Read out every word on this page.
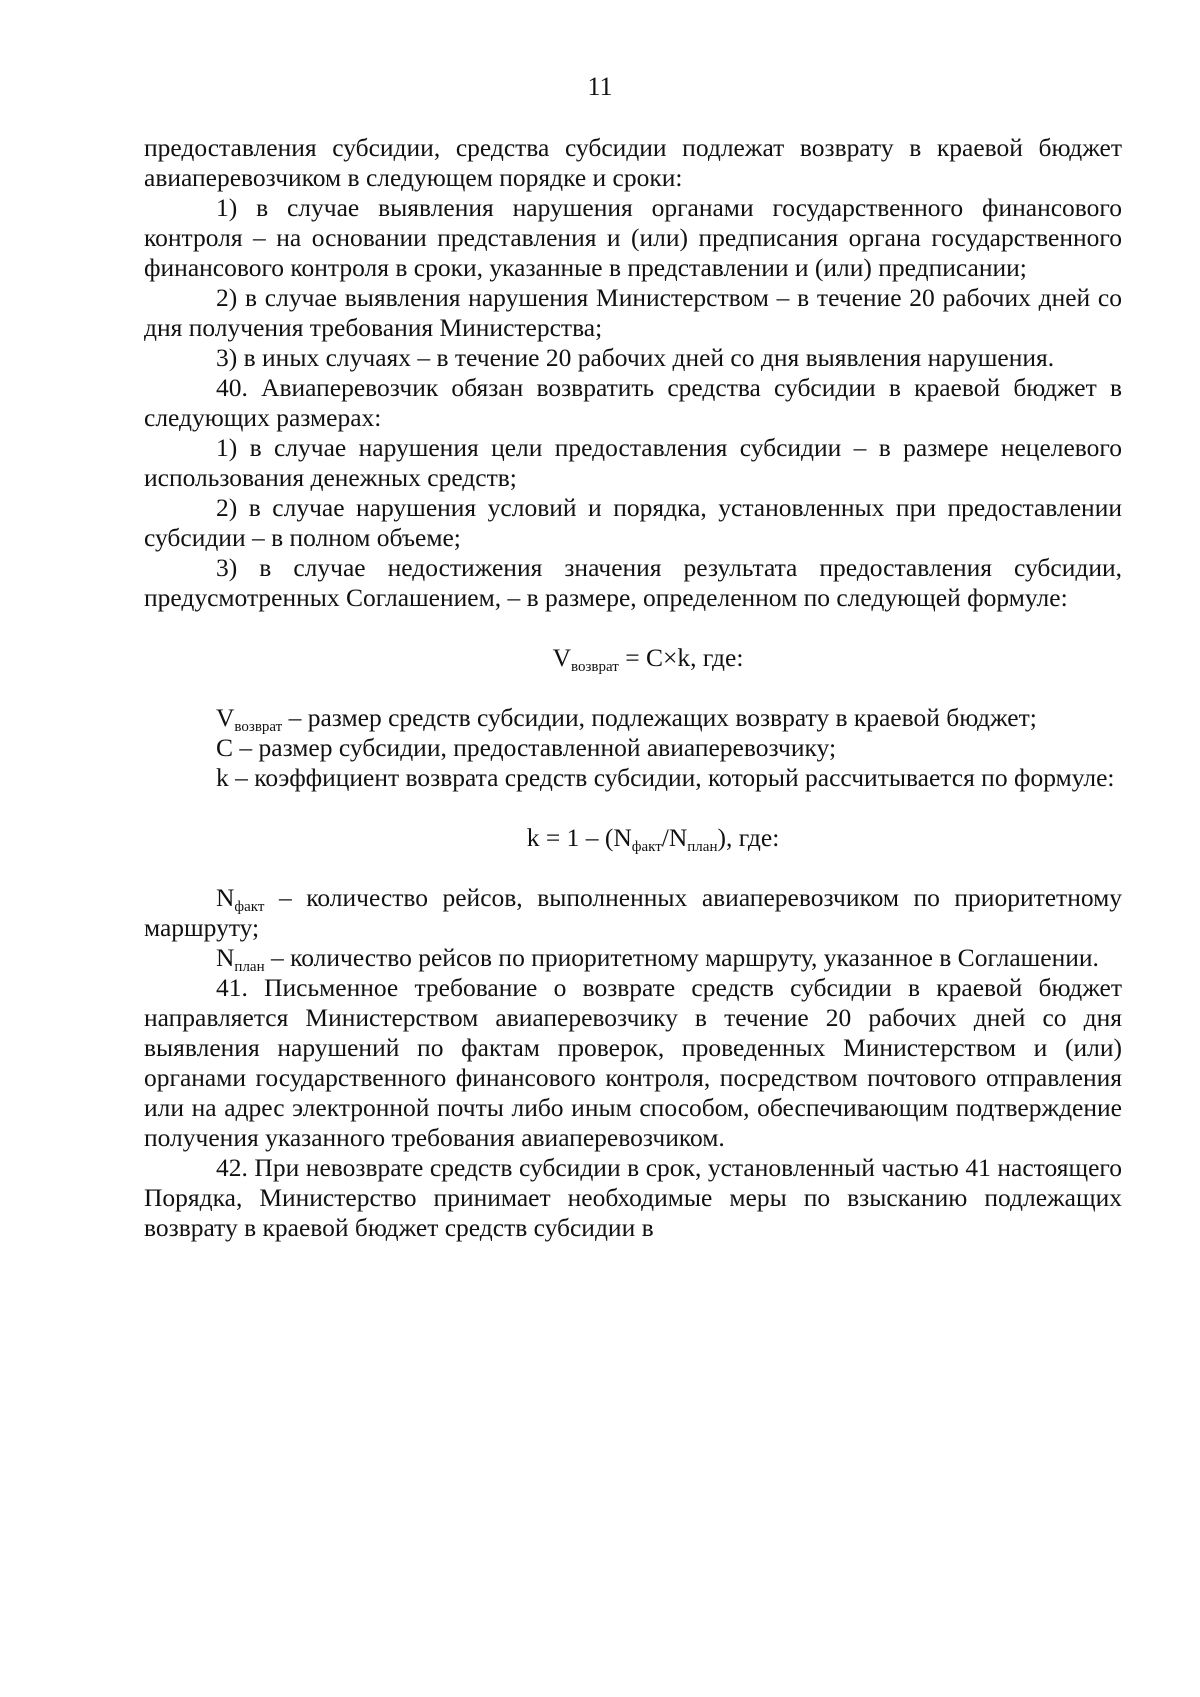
11

предоставления субсидии, средства субсидии подлежат возврату в краевой бюджет авиаперевозчиком в следующем порядке и сроки:

1) в случае выявления нарушения органами государственного финансового контроля – на основании представления и (или) предписания органа государственного финансового контроля в сроки, указанные в представлении и (или) предписании;

2) в случае выявления нарушения Министерством – в течение 20 рабочих дней со дня получения требования Министерства;

3) в иных случаях – в течение 20 рабочих дней со дня выявления нарушения.

40. Авиаперевозчик обязан возвратить средства субсидии в краевой бюджет в следующих размерах:

1) в случае нарушения цели предоставления субсидии – в размере нецелевого использования денежных средств;

2) в случае нарушения условий и порядка, установленных при предоставлении субсидии – в полном объеме;

3) в случае недостижения значения результата предоставления субсидии, предусмотренных Соглашением, – в размере, определенном по следующей формуле:

Vвозврат = C×k, где:

Vвозврат – размер средств субсидии, подлежащих возврату в краевой бюджет;

C – размер субсидии, предоставленной авиаперевозчику;

k – коэффициент возврата средств субсидии, который рассчитывается по формуле:

k = 1 – (Nфакт/Nплан), где:

Nфакт – количество рейсов, выполненных авиаперевозчиком по приоритетному маршруту;

Nплан – количество рейсов по приоритетному маршруту, указанное в Соглашении.

41. Письменное требование о возврате средств субсидии в краевой бюджет направляется Министерством авиаперевозчику в течение 20 рабочих дней со дня выявления нарушений по фактам проверок, проведенных Министерством и (или) органами государственного финансового контроля, посредством почтового отправления или на адрес электронной почты либо иным способом, обеспечивающим подтверждение получения указанного требования авиаперевозчиком.

42. При невозврате средств субсидии в срок, установленный частью 41 настоящего Порядка, Министерство принимает необходимые меры по взысканию подлежащих возврату в краевой бюджет средств субсидии в
